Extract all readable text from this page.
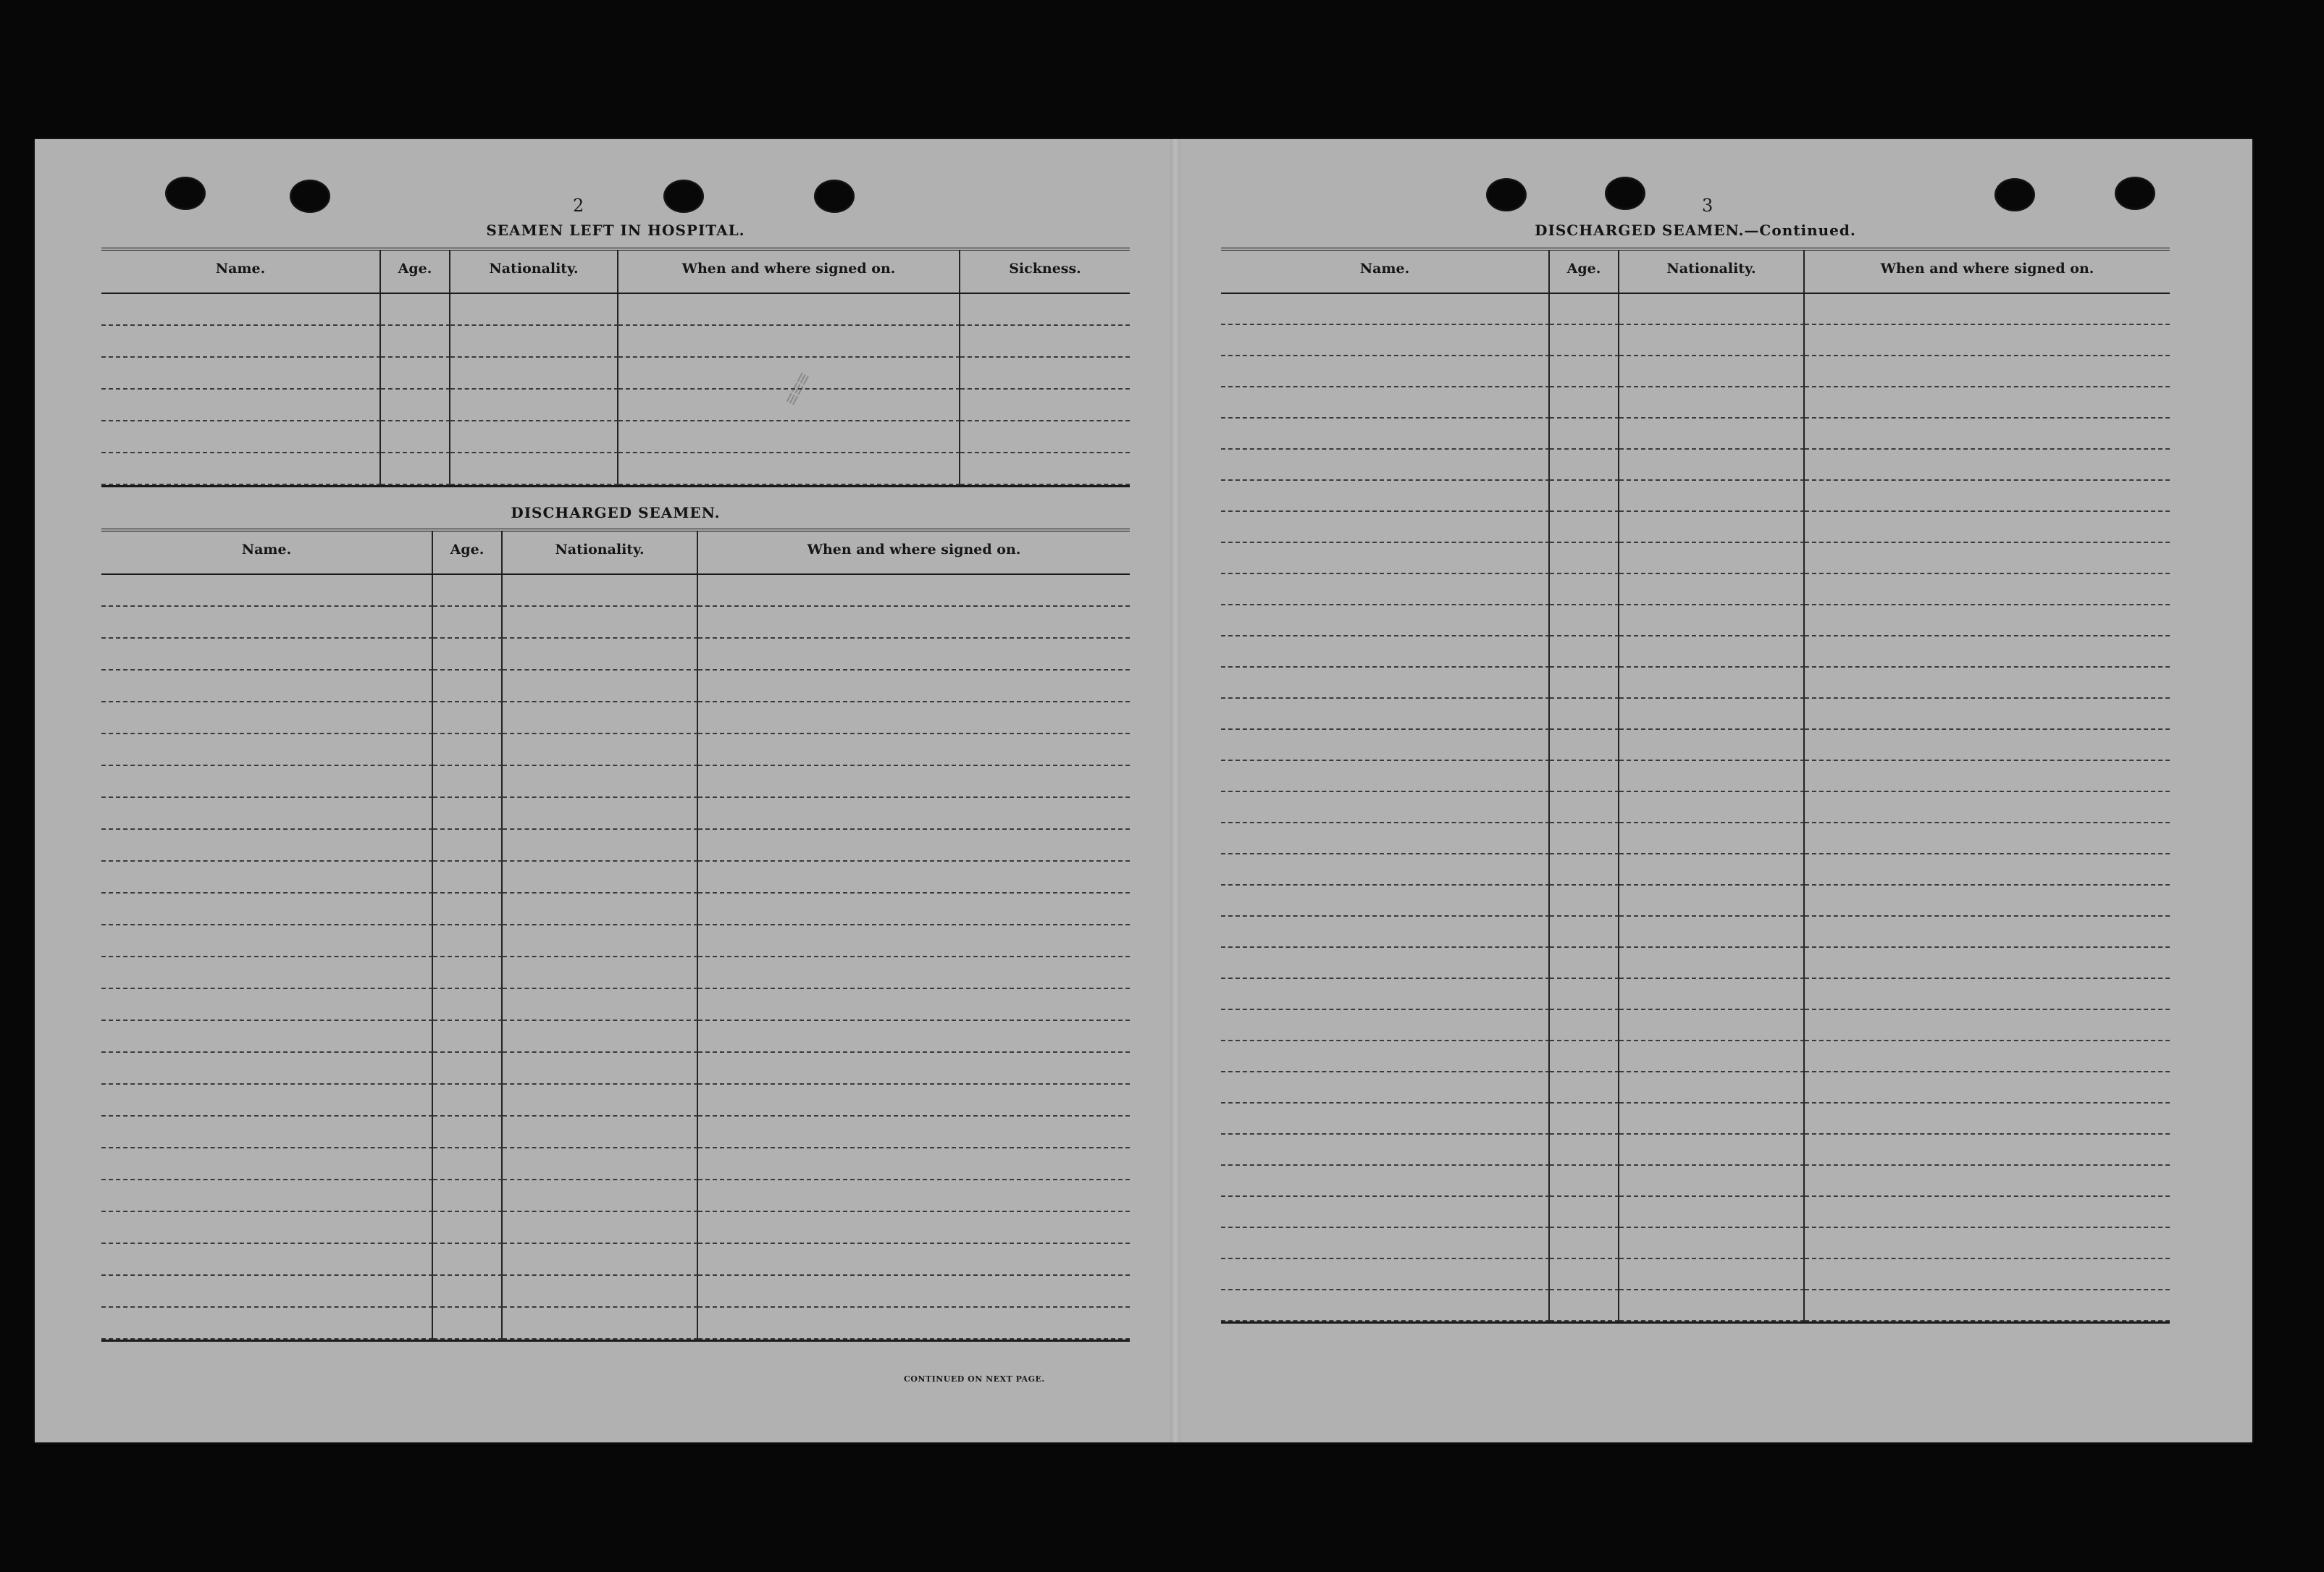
2
SEAMEN LEFT IN HOSPITAL.
Name.	Age.	Nationality.	When and where signed on.	Sickness.
≡≡≡
DISCHARGED SEAMEN.
Name.	Age.	Nationality.	When and where signed on.
CONTINUED ON NEXT PAGE.
3
DISCHARGED SEAMEN.—Continued.
Name.	Age.	Nationality.	When and where signed on.
